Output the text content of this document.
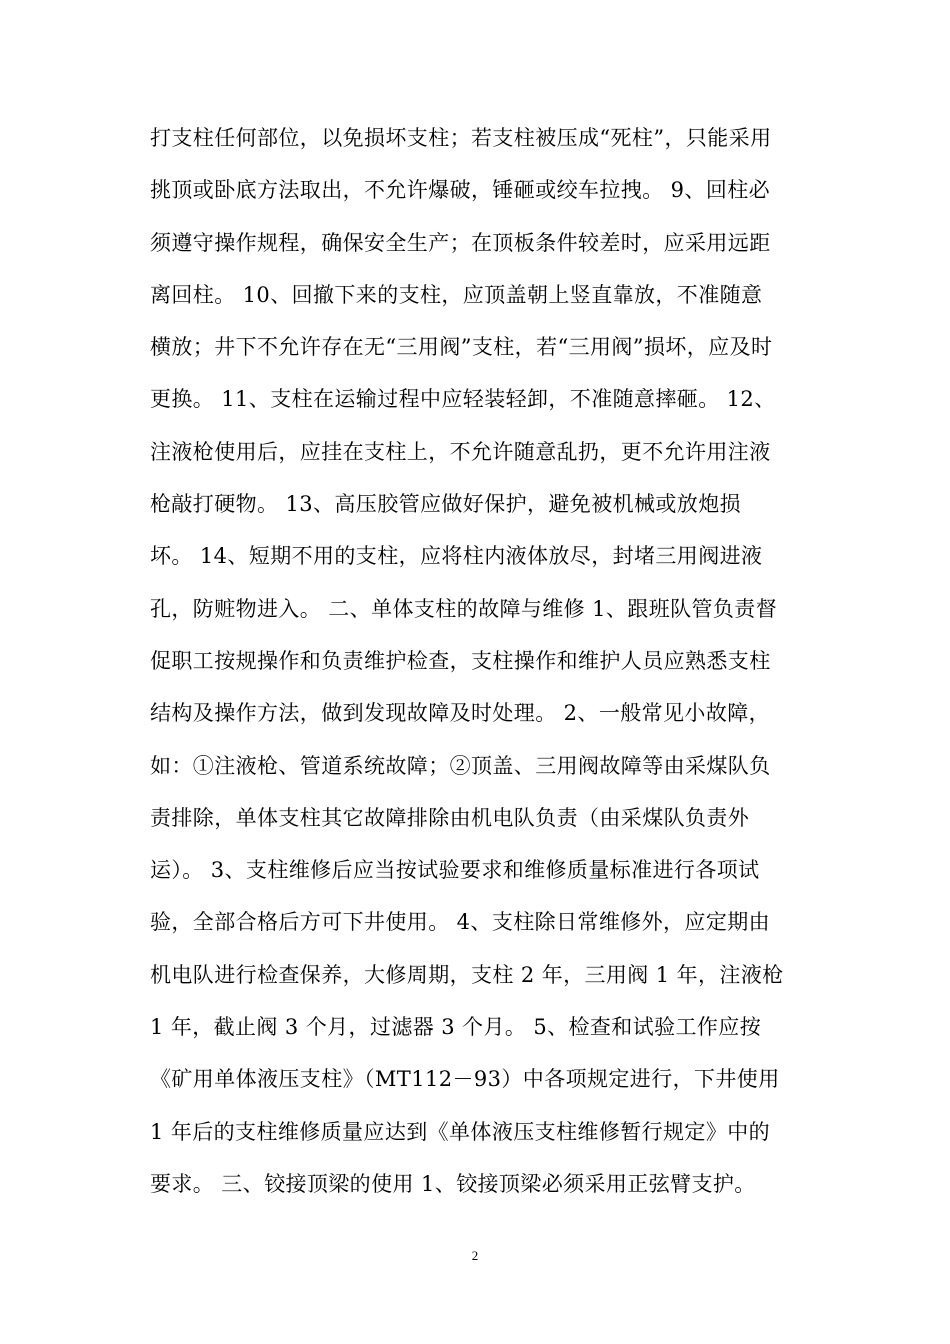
打支柱任何部位，以免损坏支柱；若支柱被压成“死柱”，只能采用
挑顶或卧底方法取出，不允许爆破，锤砸或绞车拉拽。 9、回柱必
须遵守操作规程，确保安全生产；在顶板条件较差时，应采用远距
离回柱。 10、回撤下来的支柱，应顶盖朝上竖直靠放，不准随意
横放；井下不允许存在无“三用阀”支柱，若“三用阀”损坏，应及时
更换。 11、支柱在运输过程中应轻装轻卸，不准随意摔砸。 12、
注液枪使用后，应挂在支柱上，不允许随意乱扔，更不允许用注液
枪敲打硬物。 13、高压胶管应做好保护，避免被机械或放炮损
坏。 14、短期不用的支柱，应将柱内液体放尽，封堵三用阀进液
孔，防赃物进入。 二、单体支柱的故障与维修 1、跟班队管负责督
促职工按规操作和负责维护检查，支柱操作和维护人员应熟悉支柱
结构及操作方法，做到发现故障及时处理。 2、一般常见小故障，
如：①注液枪、管道系统故障；②顶盖、三用阀故障等由采煤队负
责排除，单体支柱其它故障排除由机电队负责（由采煤队负责外
运）。 3、支柱维修后应当按试验要求和维修质量标准进行各项试
验，全部合格后方可下井使用。 4、支柱除日常维修外，应定期由
机电队进行检查保养，大修周期，支柱 2 年，三用阀 1 年，注液枪
1 年，截止阀 3 个月，过滤器 3 个月。 5、检查和试验工作应按
《矿用单体液压支柱》（MT112－93）中各项规定进行，下井使用
1 年后的支柱维修质量应达到《单体液压支柱维修暂行规定》中的
要求。 三、铰接顶梁的使用 1、铰接顶梁必须采用正弦臂支护。
2
